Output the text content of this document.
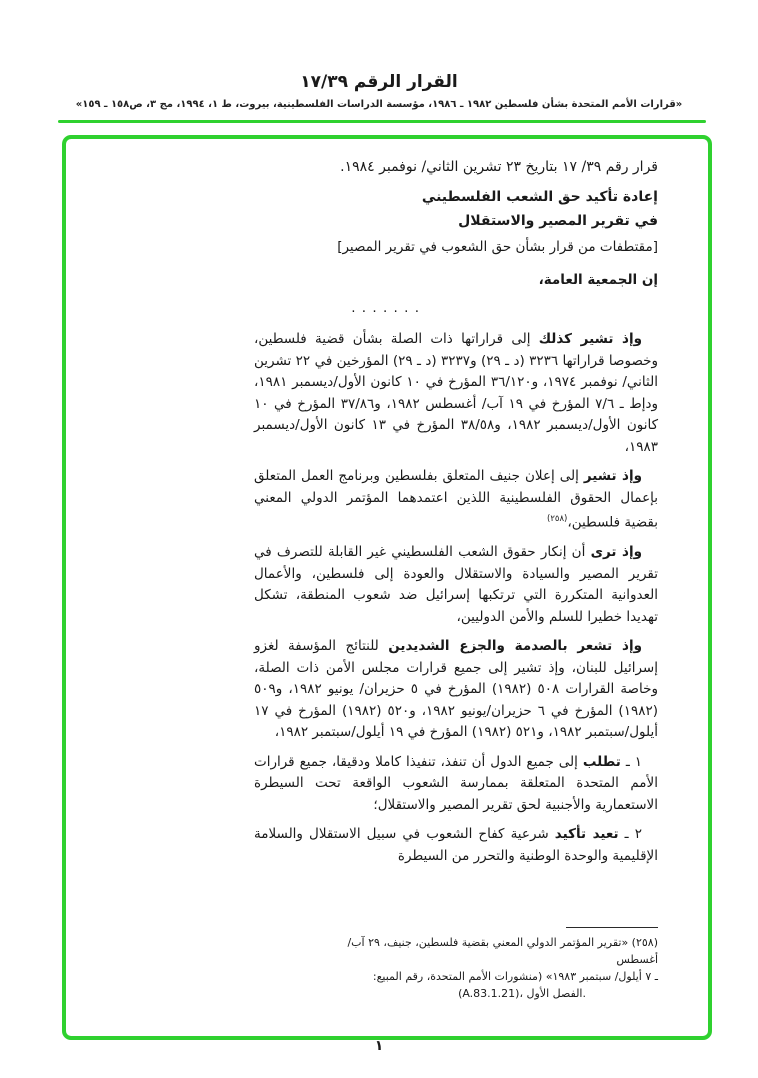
القرار الرقم ١٧/٣٩
«قرارات الأمم المتحدة بشأن فلسطين ١٩٨٢ ـ ١٩٨٦، مؤسسة الدراسات الفلسطينية، بيروت، ط ١، ١٩٩٤، مج ٣، ص١٥٨ ـ ١٥٩»
قرار رقم ٣٩/ ١٧ بتاريخ ٢٣ تشرين الثاني/ نوفمبر ١٩٨٤.
إعادة تأكيد حق الشعب الفلسطيني
في تقرير المصير والاستقلال
[مقتطفات من قرار بشأن حق الشعوب في تقرير المصير]
إن الجمعية العامة،
. . . . . . .

وإذ تشير كذلك إلى قراراتها ذات الصلة بشأن قضية فلسطين، وخصوصا قراراتها ٣٢٣٦ (د ـ ٢٩) و٣٢٣٧ (د ـ ٢٩) المؤرخين في ٢٢ تشرين الثاني/ نوفمبر ١٩٧٤، و٣٦/١٢٠ المؤرخ في ١٠ كانون الأول/ديسمبر ١٩٨١، ودإط ـ ٧/٦ المؤرخ في ١٩ آب/ أغسطس ١٩٨٢، و٣٧/٨٦ المؤرخ في ١٠ كانون الأول/ديسمبر ١٩٨٢، و٣٨/٥٨ المؤرخ في ١٣ كانون الأول/ديسمبر ١٩٨٣،

وإذ تشير إلى إعلان جنيف المتعلق بفلسطين وبرنامج العمل المتعلق بإعمال الحقوق الفلسطينية اللذين اعتمدهما المؤتمر الدولي المعني بقضية فلسطين،$^{(٢٥٨)}$

وإذ ترى أن إنكار حقوق الشعب الفلسطيني غير القابلة للتصرف في تقرير المصير والسيادة والاستقلال والعودة إلى فلسطين، والأعمال العدوانية المتكررة التي ترتكبها إسرائيل ضد شعوب المنطقة، تشكل تهديدا خطيرا للسلم والأمن الدوليين،

وإذ تشعر بالصدمة والجزع الشديدين للنتائج المؤسفة لغزو إسرائيل للبنان، وإذ تشير إلى جميع قرارات مجلس الأمن ذات الصلة، وخاصة القرارات ٥٠٨ (١٩٨٢) المؤرخ في ٥ حزيران/ يونيو ١٩٨٢، و٥٠٩ (١٩٨٢) المؤرخ في ٦ حزيران/يونيو ١٩٨٢، و٥٢٠ (١٩٨٢) المؤرخ في ١٧ أيلول/سبتمبر ١٩٨٢، و٥٢١ (١٩٨٢) المؤرخ في ١٩ أيلول/سبتمبر ١٩٨٢،

١ ـ تطلب إلى جميع الدول أن تنفذ، تنفيذا كاملا ودقيقا، جميع قرارات الأمم المتحدة المتعلقة بممارسة الشعوب الواقعة تحت السيطرة الاستعمارية والأجنبية لحق تقرير المصير والاستقلال؛

٢ ـ تعيد تأكيد شرعية كفاح الشعوب في سبيل الاستقلال والسلامة الإقليمية والوحدة الوطنية والتحرر من السيطرة

(٢٥٨) «تقرير المؤتمر الدولي المعني بقضية فلسطين، جنيف، ٢٩ آب/ أغسطس
ـ ٧ أيلول/ سبتمبر ١٩٨٣» (منشورات الأمم المتحدة، رقم المبيع:
(A.83.1.21)، الفصل الأول.
١
